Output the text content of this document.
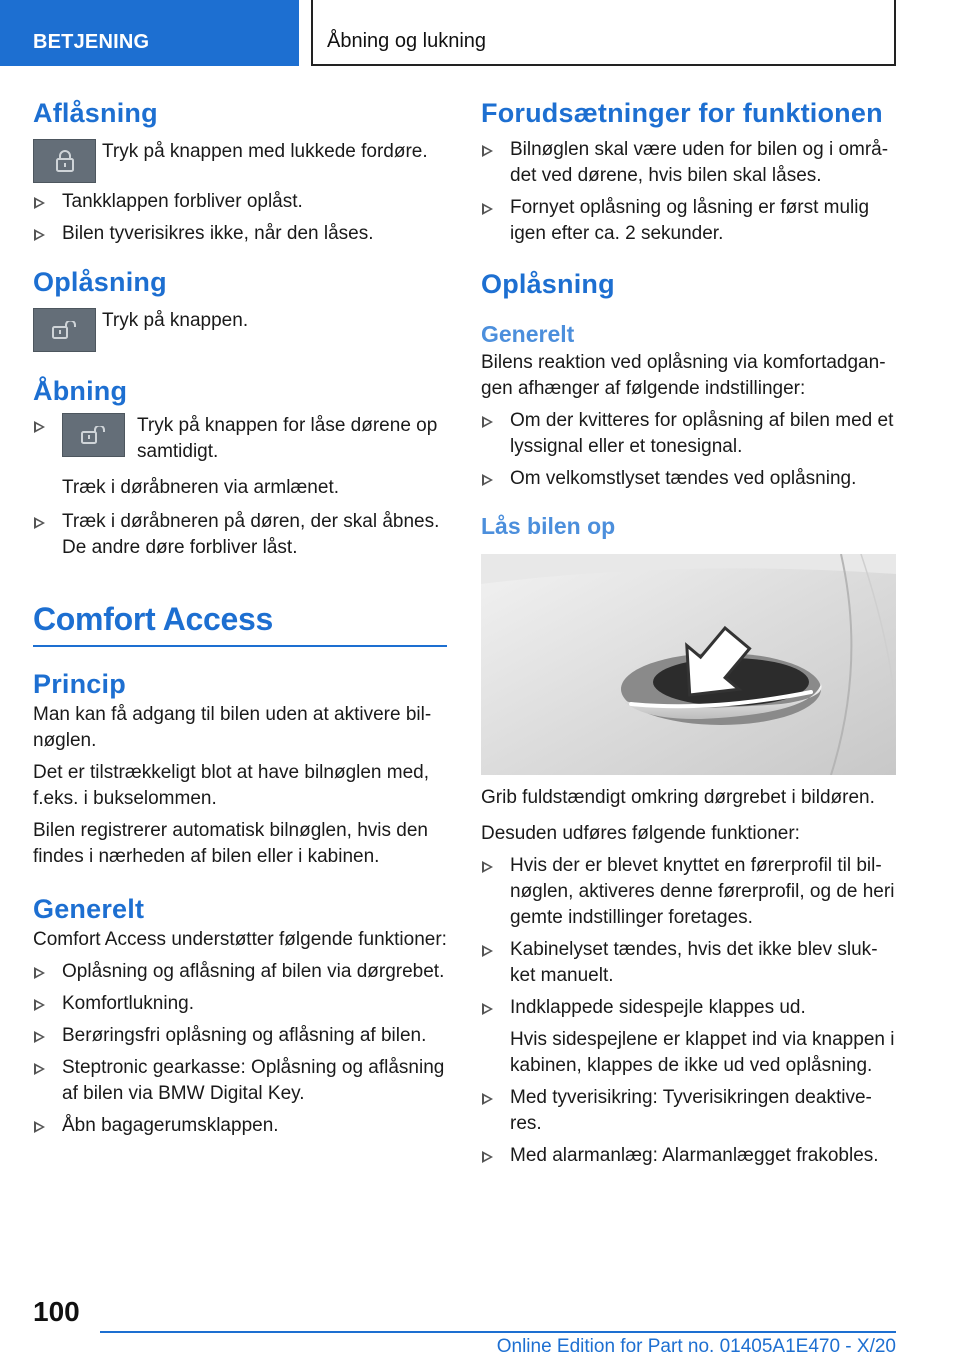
BETJENING	Åbning og lukning
Aflåsning
Tryk på knappen med lukkede fordøre.
Tankklappen forbliver oplåst.
Bilen tyverisikres ikke, når den låses.
Oplåsning
Tryk på knappen.
Åbning
Tryk på knappen for låse dørene op samtidigt.

Træk i døråbneren via armlænet.

Træk i døråbneren på døren, der skal åbnes. De andre døre forbliver låst.
Comfort Access
Princip

Man kan få adgang til bilen uden at aktivere bilnøglen.

Det er tilstrækkeligt blot at have bilnøglen med, f.eks. i bukselommen.

Bilen registrerer automatisk bilnøglen, hvis den findes i nærheden af bilen eller i kabinen.

Generelt

Comfort Access understøtter følgende funktioner:

Oplåsning og aflåsning af bilen via dørgrebet.
Komfortlukning.
Berøringsfri oplåsning og aflåsning af bilen.
Steptronic gearkasse: Oplåsning og aflåsning af bilen via BMW Digital Key.
Åbn bagagerumsklappen.
Forudsætninger for funktionen
Bilnøglen skal være uden for bilen og i området ved dørene, hvis bilen skal låses.
Fornyet oplåsning og låsning er først mulig igen efter ca. 2 sekunder.
Oplåsning
Generelt

Bilens reaktion ved oplåsning via komfortadgangen afhænger af følgende indstillinger:

Om der kvitteres for oplåsning af bilen med et lyssignal eller et tonesignal.
Om velkomstlyset tændes ved oplåsning.
Lås bilen op

Grib fuldstændigt omkring dørgrebet i bildøren.

Desuden udføres følgende funktioner:

Hvis der er blevet knyttet en førerprofil til bilnøglen, aktiveres denne førerprofil, og de heri gemte indstillinger foretages.
Kabinelyset tændes, hvis det ikke blev slukket manuelt.
Indklappede sidespejle klappes ud.

Hvis sidespejlene er klappet ind via knappen i kabinen, klappes de ikke ud ved oplåsning.

Med tyverisikring: Tyverisikringen deaktiveres.
Med alarmanlæg: Alarmanlægget frakobles.
100
Online Edition for Part no. 01405A1E470 - X/20
